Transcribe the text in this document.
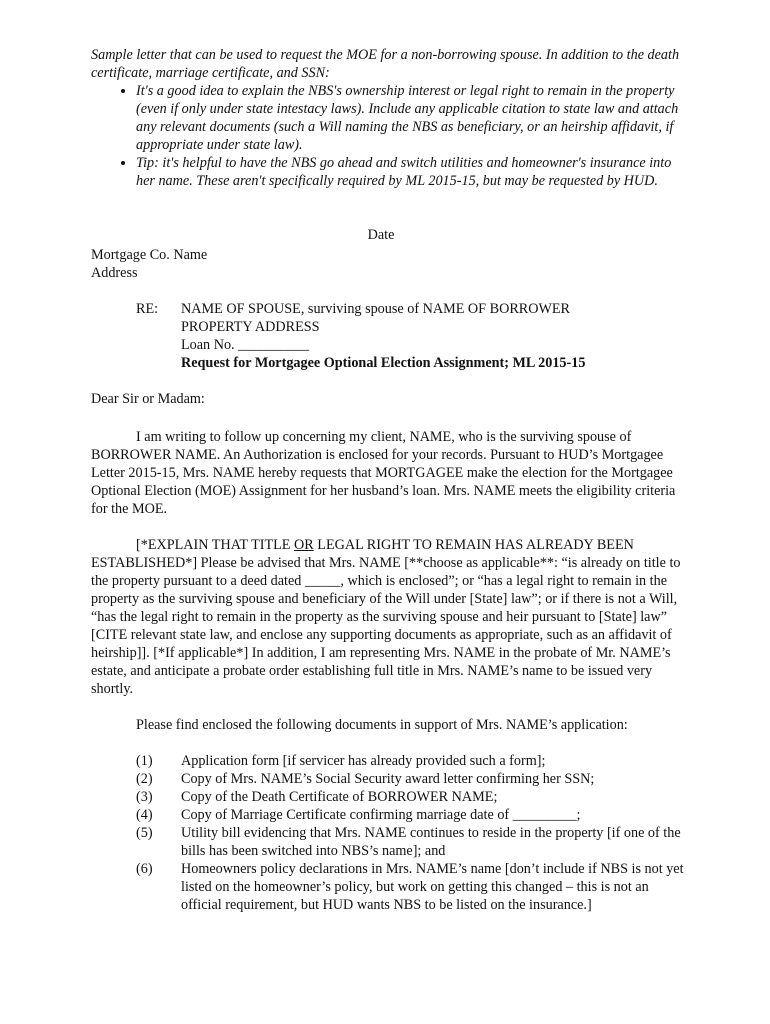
Sample letter that can be used to request the MOE for a non-borrowing spouse. In addition to the death certificate, marriage certificate, and SSN:

• It's a good idea to explain the NBS's ownership interest or legal right to remain in the property (even if only under state intestacy laws). Include any applicable citation to state law and attach any relevant documents (such a Will naming the NBS as beneficiary, or an heirship affidavit, if appropriate under state law).
• Tip: it's helpful to have the NBS go ahead and switch utilities and homeowner's insurance into her name. These aren't specifically required by ML 2015-15, but may be requested by HUD.
Date
Mortgage Co. Name
Address
RE:	NAME OF SPOUSE, surviving spouse of NAME OF BORROWER
PROPERTY ADDRESS
Loan No. __________
Request for Mortgagee Optional Election Assignment; ML 2015-15
Dear Sir or Madam:

I am writing to follow up concerning my client, NAME, who is the surviving spouse of BORROWER NAME. An Authorization is enclosed for your records. Pursuant to HUD’s Mortgagee Letter 2015-15, Mrs. NAME hereby requests that MORTGAGEE make the election for the Mortgagee Optional Election (MOE) Assignment for her husband’s loan. Mrs. NAME meets the eligibility criteria for the MOE.

[*EXPLAIN THAT TITLE OR LEGAL RIGHT TO REMAIN HAS ALREADY BEEN ESTABLISHED*] Please be advised that Mrs. NAME [**choose as applicable**: “is already on title to the property pursuant to a deed dated _____, which is enclosed”; or “has a legal right to remain in the property as the surviving spouse and beneficiary of the Will under [State] law”; or if there is not a Will, “has the legal right to remain in the property as the surviving spouse and heir pursuant to [State] law” [CITE relevant state law, and enclose any supporting documents as appropriate, such as an affidavit of heirship]]. [*If applicable*] In addition, I am representing Mrs. NAME in the probate of Mr. NAME’s estate, and anticipate a probate order establishing full title in Mrs. NAME’s name to be issued very shortly.

Please find enclosed the following documents in support of Mrs. NAME’s application:

(1)	Application form [if servicer has already provided such a form];
(2)	Copy of Mrs. NAME’s Social Security award letter confirming her SSN;
(3)	Copy of the Death Certificate of BORROWER NAME;
(4)	Copy of Marriage Certificate confirming marriage date of _________;
(5)	Utility bill evidencing that Mrs. NAME continues to reside in the property [if one of the bills has been switched into NBS’s name]; and
(6)	Homeowners policy declarations in Mrs. NAME’s name [don’t include if NBS is not yet listed on the homeowner’s policy, but work on getting this changed – this is not an official requirement, but HUD wants NBS to be listed on the insurance.]
